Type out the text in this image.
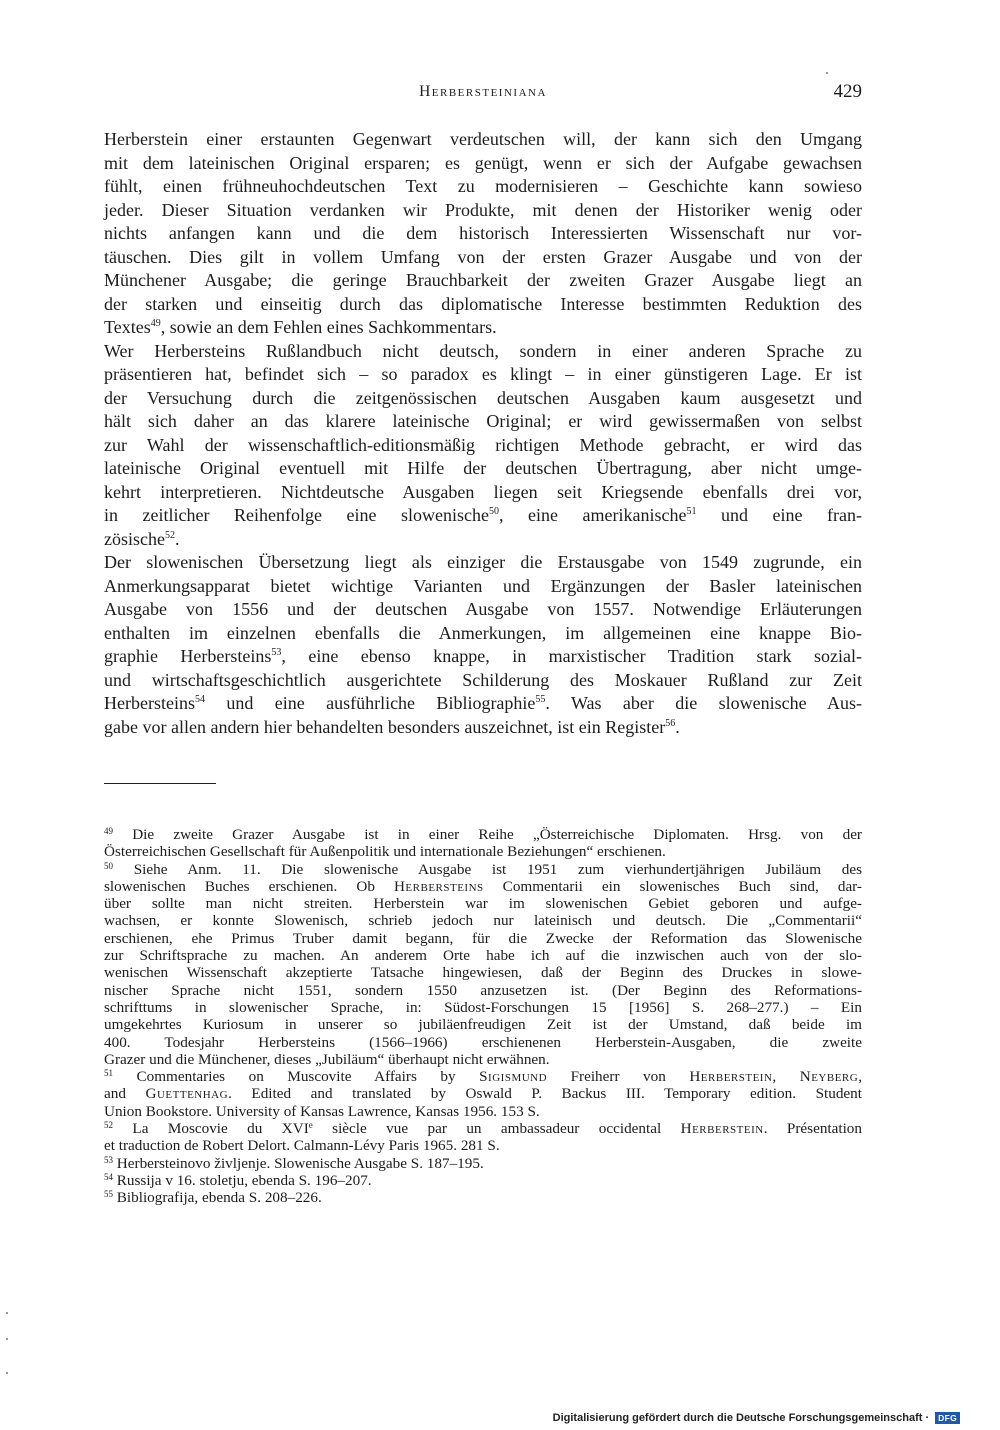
Herbersteiniana	429
Herberstein einer erstaunten Gegenwart verdeutschen will, der kann sich den Umgang
mit dem lateinischen Original ersparen; es genügt, wenn er sich der Aufgabe gewachsen
fühlt, einen frühneuhochdeutschen Text zu modernisieren – Geschichte kann sowieso
jeder. Dieser Situation verdanken wir Produkte, mit denen der Historiker wenig oder
nichts anfangen kann und die dem historisch Interessierten Wissenschaft nur vor-
täuschen. Dies gilt in vollem Umfang von der ersten Grazer Ausgabe und von der
Münchener Ausgabe; die geringe Brauchbarkeit der zweiten Grazer Ausgabe liegt an
der starken und einseitig durch das diplomatische Interesse bestimmten Reduktion des
Textes$^{49}$, sowie an dem Fehlen eines Sachkommentars.
Wer Herbersteins Rußlandbuch nicht deutsch, sondern in einer anderen Sprache zu
präsentieren hat, befindet sich – so paradox es klingt – in einer günstigeren Lage. Er ist
der Versuchung durch die zeitgenössischen deutschen Ausgaben kaum ausgesetzt und
hält sich daher an das klarere lateinische Original; er wird gewissermaßen von selbst
zur Wahl der wissenschaftlich-editionsmäßig richtigen Methode gebracht, er wird das
lateinische Original eventuell mit Hilfe der deutschen Übertragung, aber nicht umge-
kehrt interpretieren. Nichtdeutsche Ausgaben liegen seit Kriegsende ebenfalls drei vor,
in zeitlicher Reihenfolge eine slowenische$^{50}$, eine amerikanische$^{51}$ und eine fran-
zösische$^{52}$.
Der slowenischen Übersetzung liegt als einziger die Erstausgabe von 1549 zugrunde, ein
Anmerkungsapparat bietet wichtige Varianten und Ergänzungen der Basler lateinischen
Ausgabe von 1556 und der deutschen Ausgabe von 1557. Notwendige Erläuterungen
enthalten im einzelnen ebenfalls die Anmerkungen, im allgemeinen eine knappe Bio-
graphie Herbersteins$^{53}$, eine ebenso knappe, in marxistischer Tradition stark sozial-
und wirtschaftsgeschichtlich ausgerichtete Schilderung des Moskauer Rußland zur Zeit
Herbersteins$^{54}$ und eine ausführliche Bibliographie$^{55}$. Was aber die slowenische Aus-
gabe vor allen andern hier behandelten besonders auszeichnet, ist ein Register$^{56}$.
$^{49}$ Die zweite Grazer Ausgabe ist in einer Reihe „Österreichische Diplomaten. Hrsg. von der
Österreichischen Gesellschaft für Außenpolitik und internationale Beziehungen“ erschienen.
$^{50}$ Siehe Anm. 11. Die slowenische Ausgabe ist 1951 zum vierhundertjährigen Jubiläum des
slowenischen Buches erschienen. Ob Herbersteins Commentarii ein slowenisches Buch sind, dar-
über sollte man nicht streiten. Herberstein war im slowenischen Gebiet geboren und aufge-
wachsen, er konnte Slowenisch, schrieb jedoch nur lateinisch und deutsch. Die „Commentarii“
erschienen, ehe Primus Truber damit begann, für die Zwecke der Reformation das Slowenische
zur Schriftsprache zu machen. An anderem Orte habe ich auf die inzwischen auch von der slo-
wenischen Wissenschaft akzeptierte Tatsache hingewiesen, daß der Beginn des Druckes in slowe-
nischer Sprache nicht 1551, sondern 1550 anzusetzen ist. (Der Beginn des Reformations-
schrifttums in slowenischer Sprache, in: Südost-Forschungen 15 [1956] S. 268–277.) – Ein
umgekehrtes Kuriosum in unserer so jubiläenfreudigen Zeit ist der Umstand, daß beide im
400. Todesjahr Herbersteins (1566–1966) erschienenen Herberstein-Ausgaben, die zweite
Grazer und die Münchener, dieses „Jubiläum“ überhaupt nicht erwähnen.
$^{51}$ Commentaries on Muscovite Affairs by Sigismund Freiherr von Herberstein, Neyberg,
and Guettenhag. Edited and translated by Oswald P. Backus III. Temporary edition. Student
Union Bookstore. University of Kansas Lawrence, Kansas 1956. 153 S.
$^{52}$ La Moscovie du XVIe siècle vue par un ambassadeur occidental Herberstein. Présentation
et traduction de Robert Delort. Calmann-Lévy Paris 1965. 281 S.
$^{53}$ Herbersteinovo življenje. Slowenische Ausgabe S. 187–195.
$^{54}$ Russija v 16. stoletju, ebenda S. 196–207.
$^{55}$ Bibliografija, ebenda S. 208–226.
Digitalisierung gefördert durch die Deutsche Forschungsgemeinschaft ·	DFG
